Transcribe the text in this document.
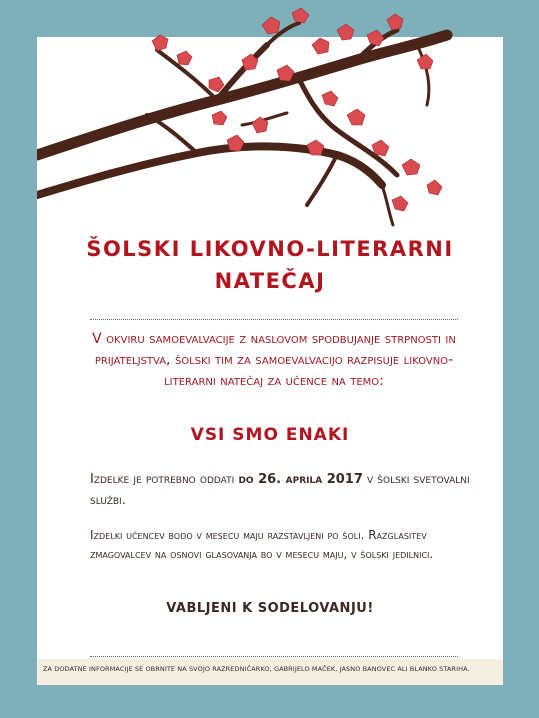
ŠOLSKI LIKOVNO-LITERARNI
NATEČAJ
V okviru samoevalvacije z naslovom spodbujanje strpnosti in prijateljstva, šolski tim za samoevalvacijo razpisuje likovno-literarni natečaj za učence na temo:
VSI SMO ENAKI
Izdelke je potrebno oddati do 26. aprila 2017 v šolski svetovalni službi.
Izdelki učencev bodo v mesecu maju razstavljeni po šoli. Razglasitev zmagovalcev na osnovi glasovanja bo v mesecu maju, v šolski jedilnici.
VABLJENI K SODELOVANJU!
ZA DODATNE INFORMACIJE SE OBRNITE NA SVOJO RAZREDNIČARKO, GABRIJELO MAČEK, JASNO BANOVEC ALI BLANKO STARIHA.
